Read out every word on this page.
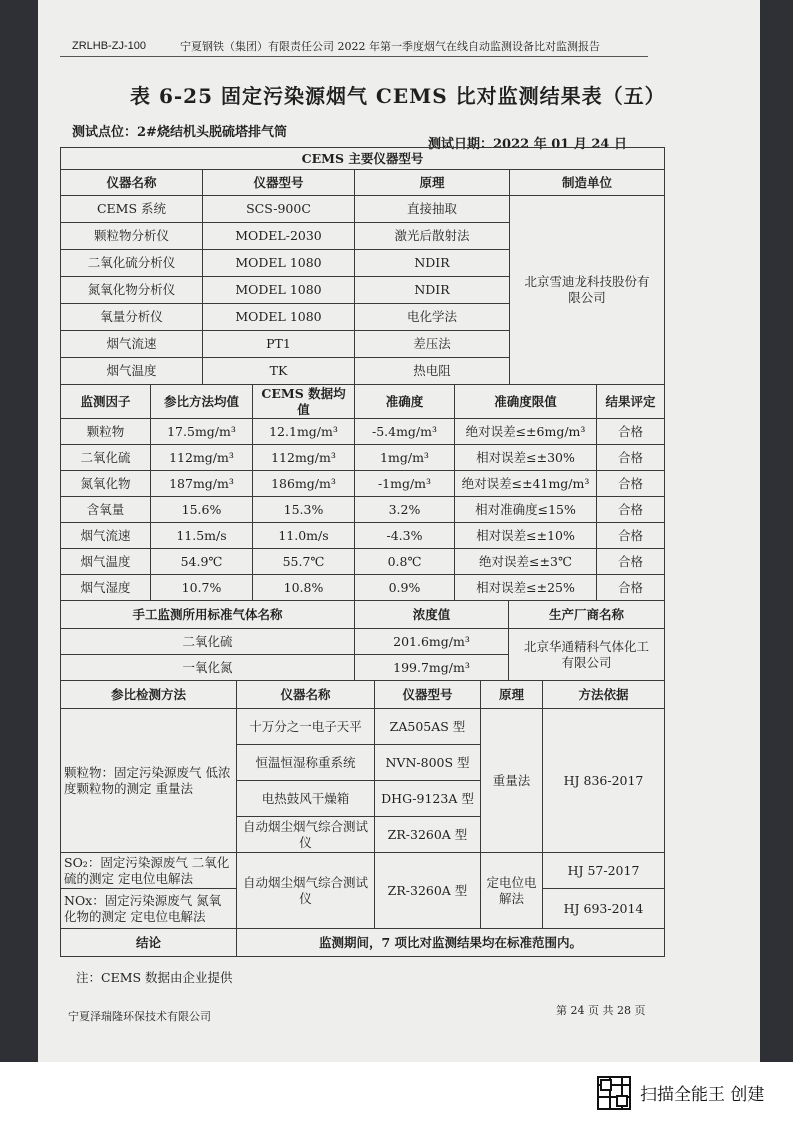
ZRLHB-ZJ-100	宁夏钢铁（集团）有限责任公司 2022 年第一季度烟气在线自动监测设备比对监测报告
表 6-25 固定污染源烟气 CEMS 比对监测结果表（五）
测试点位：2#烧结机头脱硫塔排气筒
测试日期：2022 年 01 月 24 日
CEMS 主要仪器型号			
仪器名称	仪器型号	原理	制造单位
CEMS 系统	SCS-900C	直接抽取	北京雪迪龙科技股份有限公司
颗粒物分析仪	MODEL-2030	激光后散射法	
二氧化硫分析仪	MODEL 1080	NDIR	
氮氧化物分析仪	MODEL 1080	NDIR	
氧量分析仪	MODEL 1080	电化学法	
烟气流速	PT1	差压法	
烟气温度	TK	热电阻	
监测因子	参比方法均值	CEMS 数据均值	准确度	准确度限值	结果评定
颗粒物	17.5mg/m³	12.1mg/m³	-5.4mg/m³	绝对误差≤±6mg/m³	合格
二氧化硫	112mg/m³	112mg/m³	1mg/m³	相对误差≤±30%	合格
氮氧化物	187mg/m³	186mg/m³	-1mg/m³	绝对误差≤±41mg/m³	合格
含氧量	15.6%	15.3%	3.2%	相对准确度≤15%	合格
烟气流速	11.5m/s	11.0m/s	-4.3%	相对误差≤±10%	合格
烟气温度	54.9℃	55.7℃	0.8℃	绝对误差≤±3℃	合格
烟气湿度	10.7%	10.8%	0.9%	相对误差≤±25%	合格
手工监测所用标准气体名称	浓度值	生产厂商名称
二氧化硫	201.6mg/m³	北京华通精科气体化工有限公司
一氧化氮	199.7mg/m³	
参比检测方法	仪器名称	仪器型号	原理	方法依据
颗粒物：固定污染源废气 低浓度颗粒物的测定 重量法	十万分之一电子天平	ZA505AS 型	重量法	HJ 836-2017
	恒温恒湿称重系统	NVN-800S 型		
	电热鼓风干燥箱	DHG-9123A 型		
	自动烟尘烟气综合测试仪	ZR-3260A 型		
SO₂：固定污染源废气 二氧化硫的测定 定电位电解法	自动烟尘烟气综合测试仪	ZR-3260A 型	定电位电解法	HJ 57-2017
NOx：固定污染源废气 氮氧化物的测定 定电位电解法				HJ 693-2014
结论	监测期间，7 项比对监测结果均在标准范围内。			
注：CEMS 数据由企业提供
宁夏泽瑞隆环保技术有限公司	第 24 页 共 28 页
扫描全能王 创建
